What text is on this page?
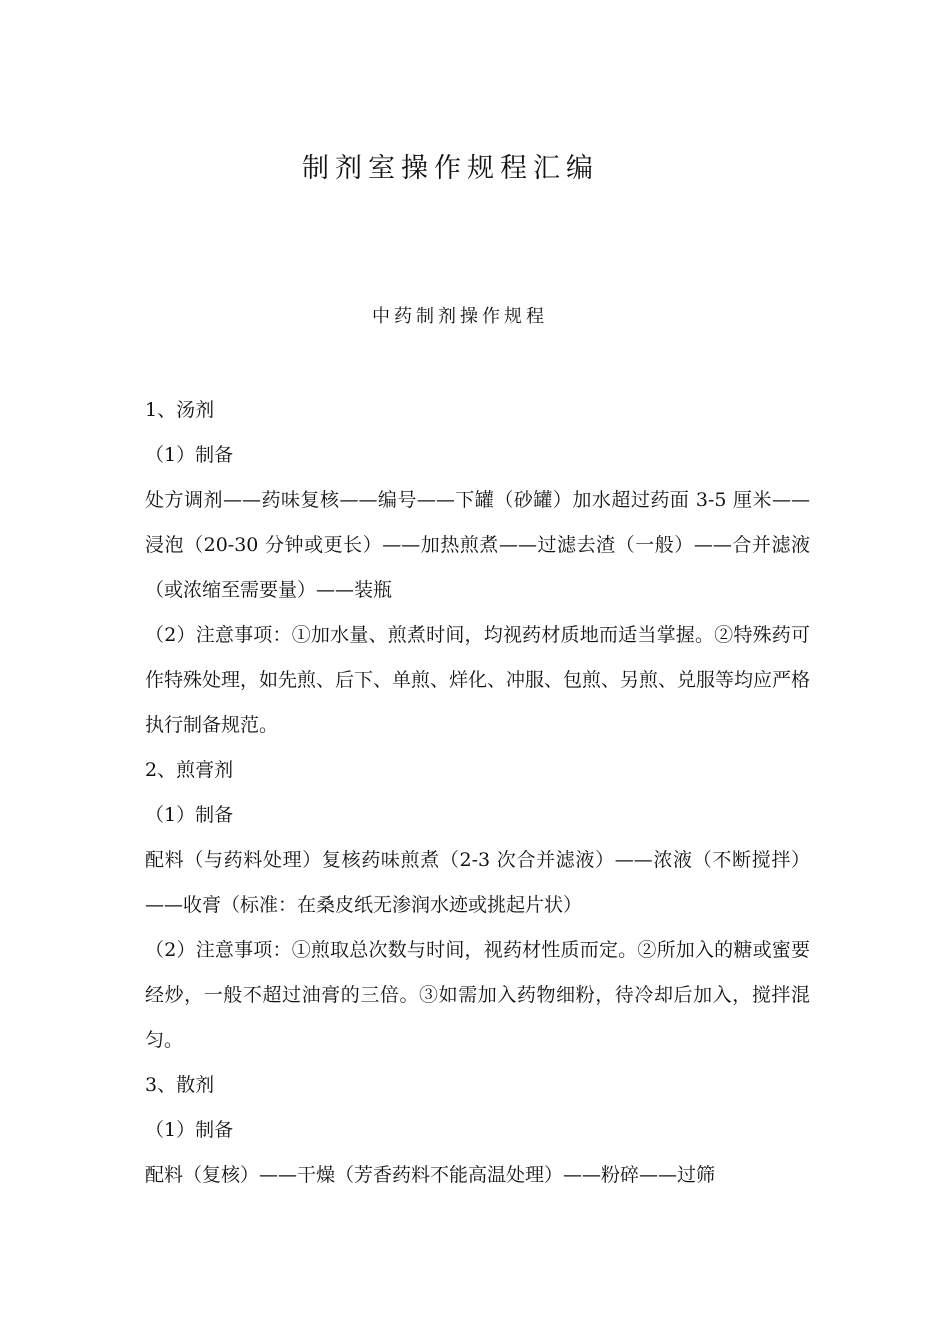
制剂室操作规程汇编
中药制剂操作规程

1、汤剂

（1）制备

处方调剂——药味复核——编号——下罐（砂罐）加水超过药面 3-5 厘米——浸泡（20-30 分钟或更长）——加热煎煮——过滤去渣（一般）——合并滤液（或浓缩至需要量）——装瓶

（2）注意事项：①加水量、煎煮时间，均视药材质地而适当掌握。②特殊药可作特殊处理，如先煎、后下、单煎、烊化、冲服、包煎、另煎、兑服等均应严格执行制备规范。

2、煎膏剂

（1）制备

配料（与药料处理）复核药味煎煮（2-3 次合并滤液）——浓液（不断搅拌）——收膏（标准：在桑皮纸无渗润水迹或挑起片状）

（2）注意事项：①煎取总次数与时间，视药材性质而定。②所加入的糖或蜜要经炒，一般不超过油膏的三倍。③如需加入药物细粉，待冷却后加入，搅拌混匀。

3、散剂

（1）制备

配料（复核）——干燥（芳香药料不能高温处理）——粉碎——过筛
